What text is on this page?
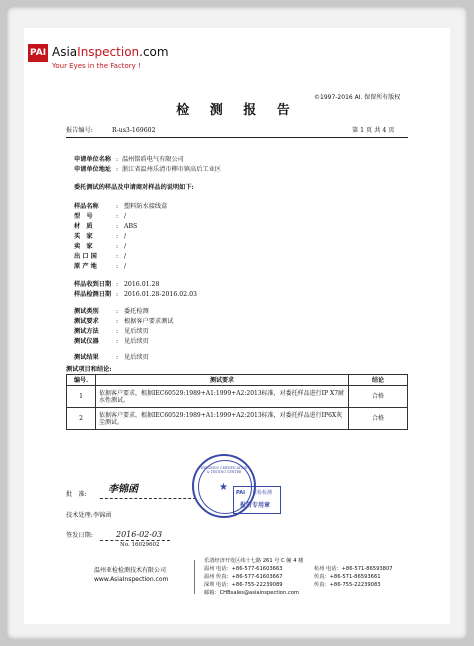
PAI AsiaInspection.com
Your Eyes in the Factory !
©1997-2016 AI. 保留所有版权
检 测 报 告
报告编号:	R-us3-169602	第 1 页 共 4 页
申请单位名称 : 温州铭盾电气有限公司
申请单位地址 : 浙江省温州乐清市柳市镇高后工业区
委托测试的样品及申请商对样品的说明如下:
样品名称	: 塑料防水接线盒
型　号	: /
材　质	: ABS
买　家	: /
卖　家	: /
出 口 国	: /
原 产 地	: /
样品收到日期 : 2016.01.28
样品检测日期 : 2016.01.28-2016.02.03
测试类别	: 委托检测
测试要求	: 根据客户要求测试
测试方法	: 见后续页
测试仪器	: 见后续页
测试结果	: 见后续页
测试项目和结论:
编号.	测试要求	结论
1	依据客户要求，根据IEC60529:1989+A1:1999+A2:2013标准，对委托样品进行IP X7耐水性测试。	合格
2	依据客户要求，根据IEC60529:1989+A1:1999+A2:2013标准，对委托样品进行IP6X灰尘测试。	合格
批　准: 李锦函
WENZHOU CERTIFICATION & TESTING CENTER
★ PAI 亚检检测
报告专用章
技术处理:李锦函
签发日期:	2016-02-03
No. 16029602
温州亚检检测技术有限公司
www.AsiaInspection.com
乐清经济开发区纬十七路 261 号 C 幢 4 楼
温州 电话：+86-577-61603663	杭州 电话：+86-571-86593807
温州 传真：+86-577-61603667	传真：+86-571-86593661
深圳 电话：+86-755-22239089	传真：+86-755-22239083
邮箱：CHBsales@asiainspection.com
